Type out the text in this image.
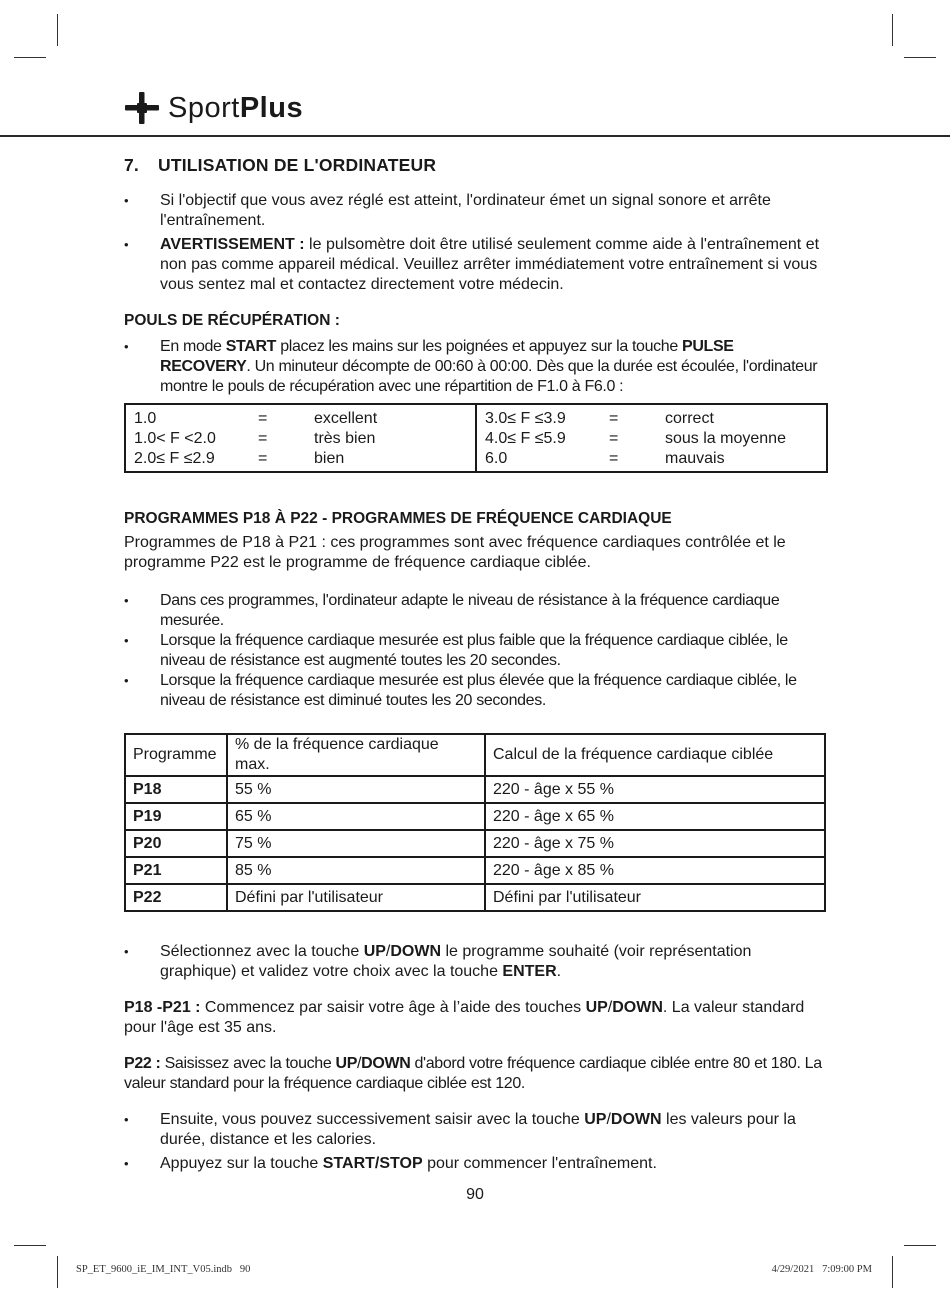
SportPlus
7. UTILISATION DE L'ORDINATEUR
• Si l'objectif que vous avez réglé est atteint, l'ordinateur émet un signal sonore et arrête l'entraînement.
• AVERTISSEMENT : le pulsomètre doit être utilisé seulement comme aide à l'entraînement et non pas comme appareil médical. Veuillez arrêter immédiatement votre entraînement si vous vous sentez mal et contactez directement votre médecin.
POULS DE RÉCUPÉRATION :
• En mode START placez les mains sur les poignées et appuyez sur la touche PULSE RECOVERY. Un minuteur décompte de 00:60 à 00:00. Dès que la durée est écoulée, l'ordinateur montre le pouls de récupération avec une répartition de F1.0 à F6.0 :
1.0	=	excellent
1.0< F <2.0	=	très bien
2.0≤ F ≤2.9	=	bien
3.0≤ F ≤3.9	=	correct
4.0≤ F ≤5.9	=	sous la moyenne
6.0	=	mauvais
PROGRAMMES P18 À P22 - PROGRAMMES DE FRÉQUENCE CARDIAQUE

Programmes de P18 à P21 : ces programmes sont avec fréquence cardiaques contrôlée et le programme P22 est le programme de fréquence cardiaque ciblée.

• Dans ces programmes, l'ordinateur adapte le niveau de résistance à la fréquence cardiaque mesurée.
• Lorsque la fréquence cardiaque mesurée est plus faible que la fréquence cardiaque ciblée, le niveau de résistance est augmenté toutes les 20 secondes.
• Lorsque la fréquence cardiaque mesurée est plus élevée que la fréquence cardiaque ciblée, le niveau de résistance est diminué toutes les 20 secondes.
Programme	% de la fréquence cardiaque max.	Calcul de la fréquence cardiaque ciblée
P18	55 %	220 - âge x 55 %
P19	65 %	220 - âge x 65 %
P20	75 %	220 - âge x 75 %
P21	85 %	220 - âge x 85 %
P22	Défini par l'utilisateur	Défini par l'utilisateur
• Sélectionnez avec la touche UP/DOWN le programme souhaité (voir représentation graphique) et validez votre choix avec la touche ENTER.

P18 -P21 : Commencez par saisir votre âge à l’aide des touches UP/DOWN. La valeur standard pour l'âge est 35 ans.

P22 : Saisissez avec la touche UP/DOWN d'abord votre fréquence cardiaque ciblée entre 80 et 180. La valeur standard pour la fréquence cardiaque ciblée est 120.

• Ensuite, vous pouvez successivement saisir avec la touche UP/DOWN les valeurs pour la durée, distance et les calories.
• Appuyez sur la touche START/STOP pour commencer l'entraînement.
90
SP_ET_9600_iE_IM_INT_V05.indb   90	4/29/2021   7:09:00 PM
